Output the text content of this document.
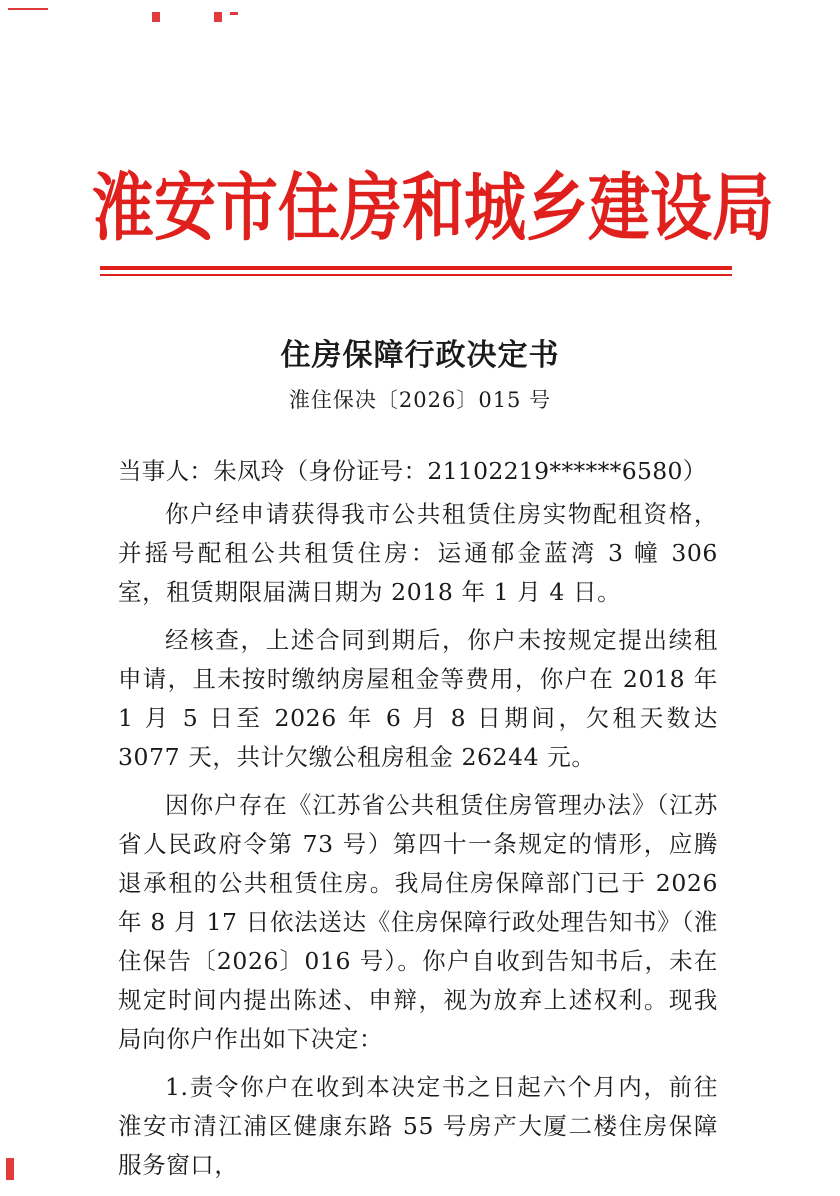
淮安市住房和城乡建设局
住房保障行政决定书
淮住保决〔2026〕015 号

当事人：朱凤玲（身份证号：21102219******6580）

你户经申请获得我市公共租赁住房实物配租资格，并摇号配租公共租赁住房：运通郁金蓝湾 3 幢 306 室，租赁期限届满日期为 2018 年 1 月 4 日。

经核查，上述合同到期后，你户未按规定提出续租申请，且未按时缴纳房屋租金等费用，你户在 2018 年 1 月 5 日至 2026 年 6 月 8 日期间，欠租天数达 3077 天，共计欠缴公租房租金 26244 元。

因你户存在《江苏省公共租赁住房管理办法》（江苏省人民政府令第 73 号）第四十一条规定的情形，应腾退承租的公共租赁住房。我局住房保障部门已于 2026 年 8 月 17 日依法送达《住房保障行政处理告知书》（淮住保告〔2026〕016 号）。你户自收到告知书后，未在规定时间内提出陈述、申辩，视为放弃上述权利。现我局向你户作出如下决定：

1.责令你户在收到本决定书之日起六个月内，前往淮安市清江浦区健康东路 55 号房产大厦二楼住房保障服务窗口，
